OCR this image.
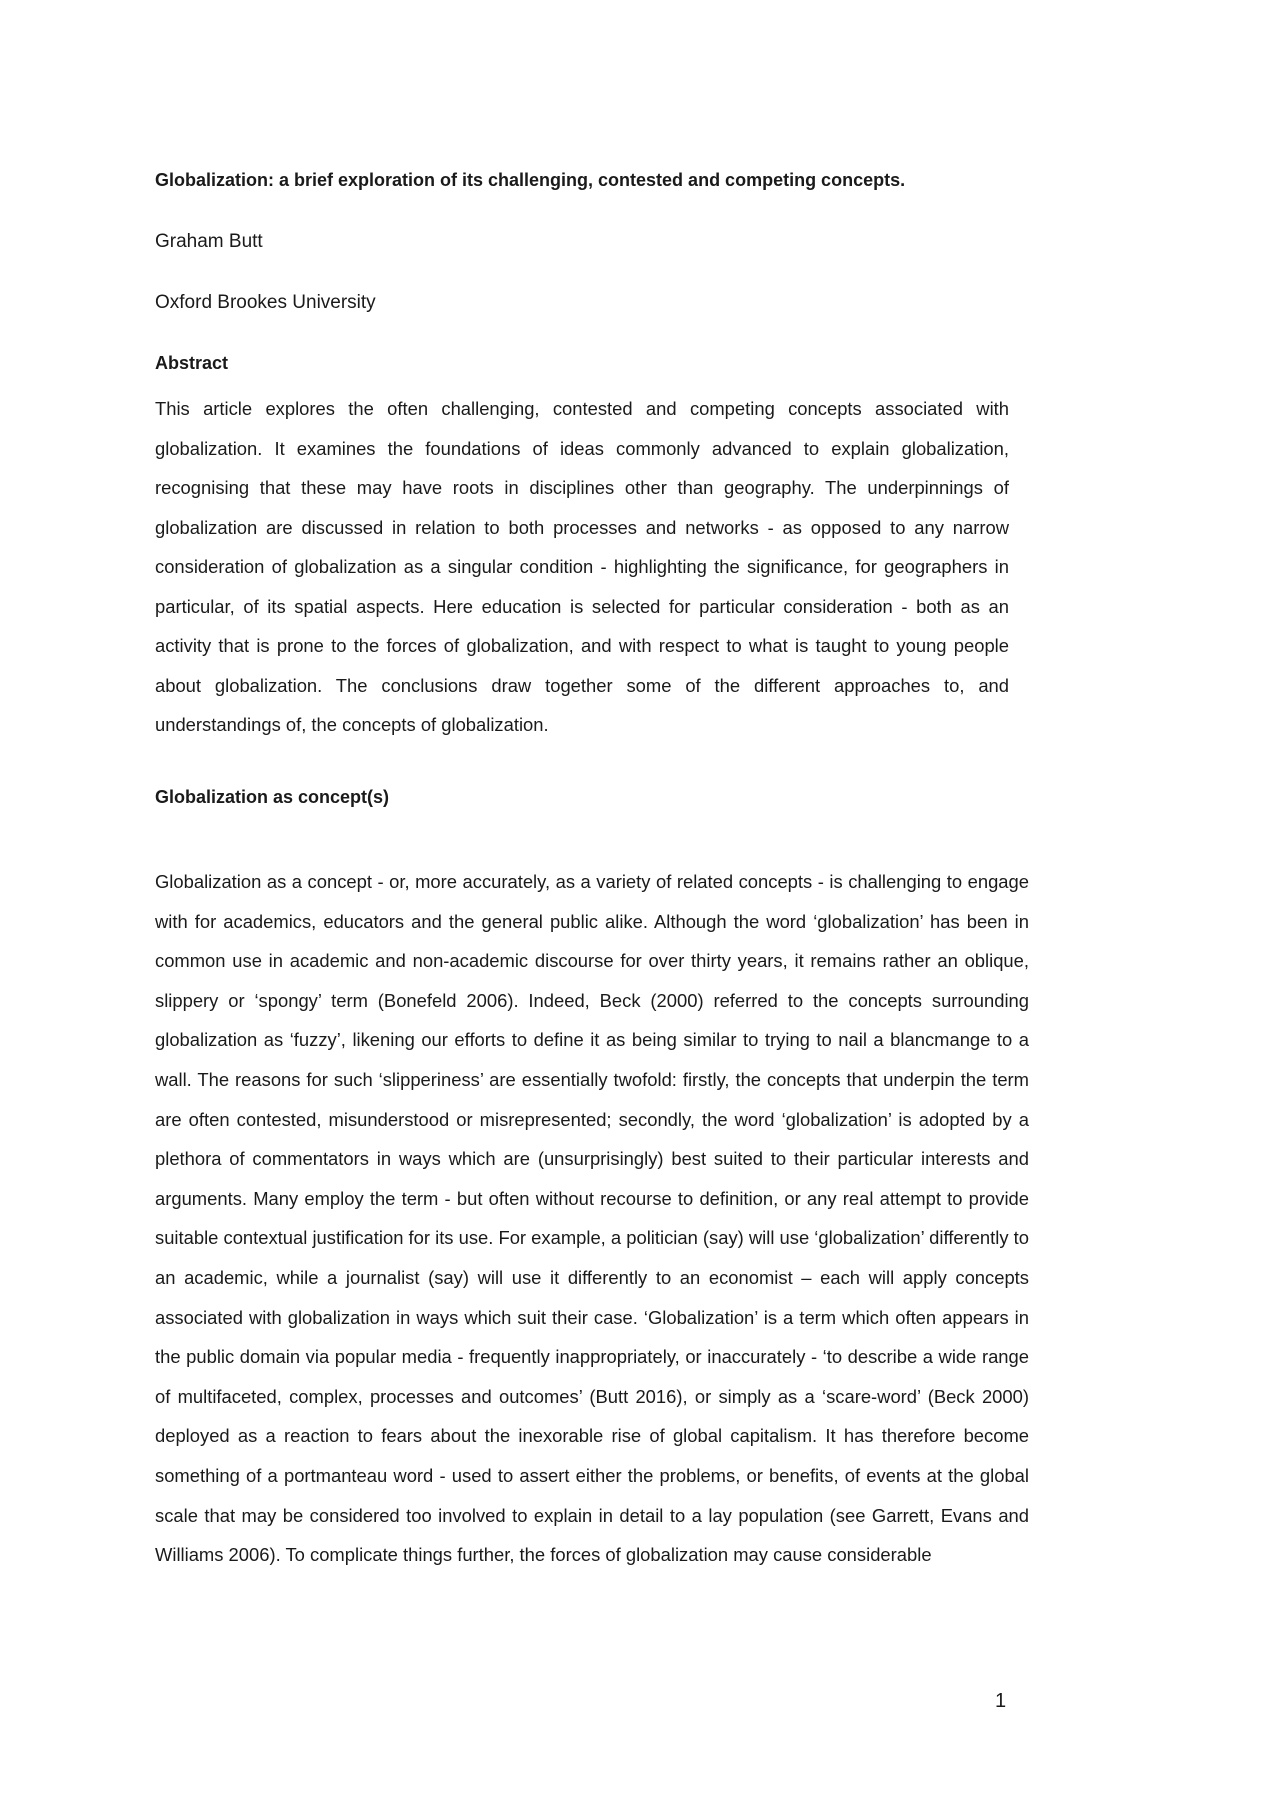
Globalization: a brief exploration of its challenging, contested and competing concepts.
Graham Butt
Oxford Brookes University
Abstract

This article explores the often challenging, contested and competing concepts associated with globalization. It examines the foundations of ideas commonly advanced to explain globalization, recognising that these may have roots in disciplines other than geography. The underpinnings of globalization are discussed in relation to both processes and networks - as opposed to any narrow consideration of globalization as a singular condition - highlighting the significance, for geographers in particular, of its spatial aspects. Here education is selected for particular consideration - both as an activity that is prone to the forces of globalization, and with respect to what is taught to young people about globalization. The conclusions draw together some of the different approaches to, and understandings of, the concepts of globalization.

Globalization as concept(s)

Globalization as a concept - or, more accurately, as a variety of related concepts - is challenging to engage with for academics, educators and the general public alike. Although the word ‘globalization’ has been in common use in academic and non-academic discourse for over thirty years, it remains rather an oblique, slippery or ‘spongy’ term (Bonefeld 2006). Indeed, Beck (2000) referred to the concepts surrounding globalization as ‘fuzzy’, likening our efforts to define it as being similar to trying to nail a blancmange to a wall. The reasons for such ‘slipperiness’ are essentially twofold: firstly, the concepts that underpin the term are often contested, misunderstood or misrepresented; secondly, the word ‘globalization’ is adopted by a plethora of commentators in ways which are (unsurprisingly) best suited to their particular interests and arguments. Many employ the term - but often without recourse to definition, or any real attempt to provide suitable contextual justification for its use. For example, a politician (say) will use ‘globalization’ differently to an academic, while a journalist (say) will use it differently to an economist – each will apply concepts associated with globalization in ways which suit their case. ‘Globalization’ is a term which often appears in the public domain via popular media - frequently inappropriately, or inaccurately - ‘to describe a wide range of multifaceted, complex, processes and outcomes’ (Butt 2016), or simply as a ‘scare-word’ (Beck 2000) deployed as a reaction to fears about the inexorable rise of global capitalism. It has therefore become something of a portmanteau word - used to assert either the problems, or benefits, of events at the global scale that may be considered too involved to explain in detail to a lay population (see Garrett, Evans and Williams 2006). To complicate things further, the forces of globalization may cause considerable

1
